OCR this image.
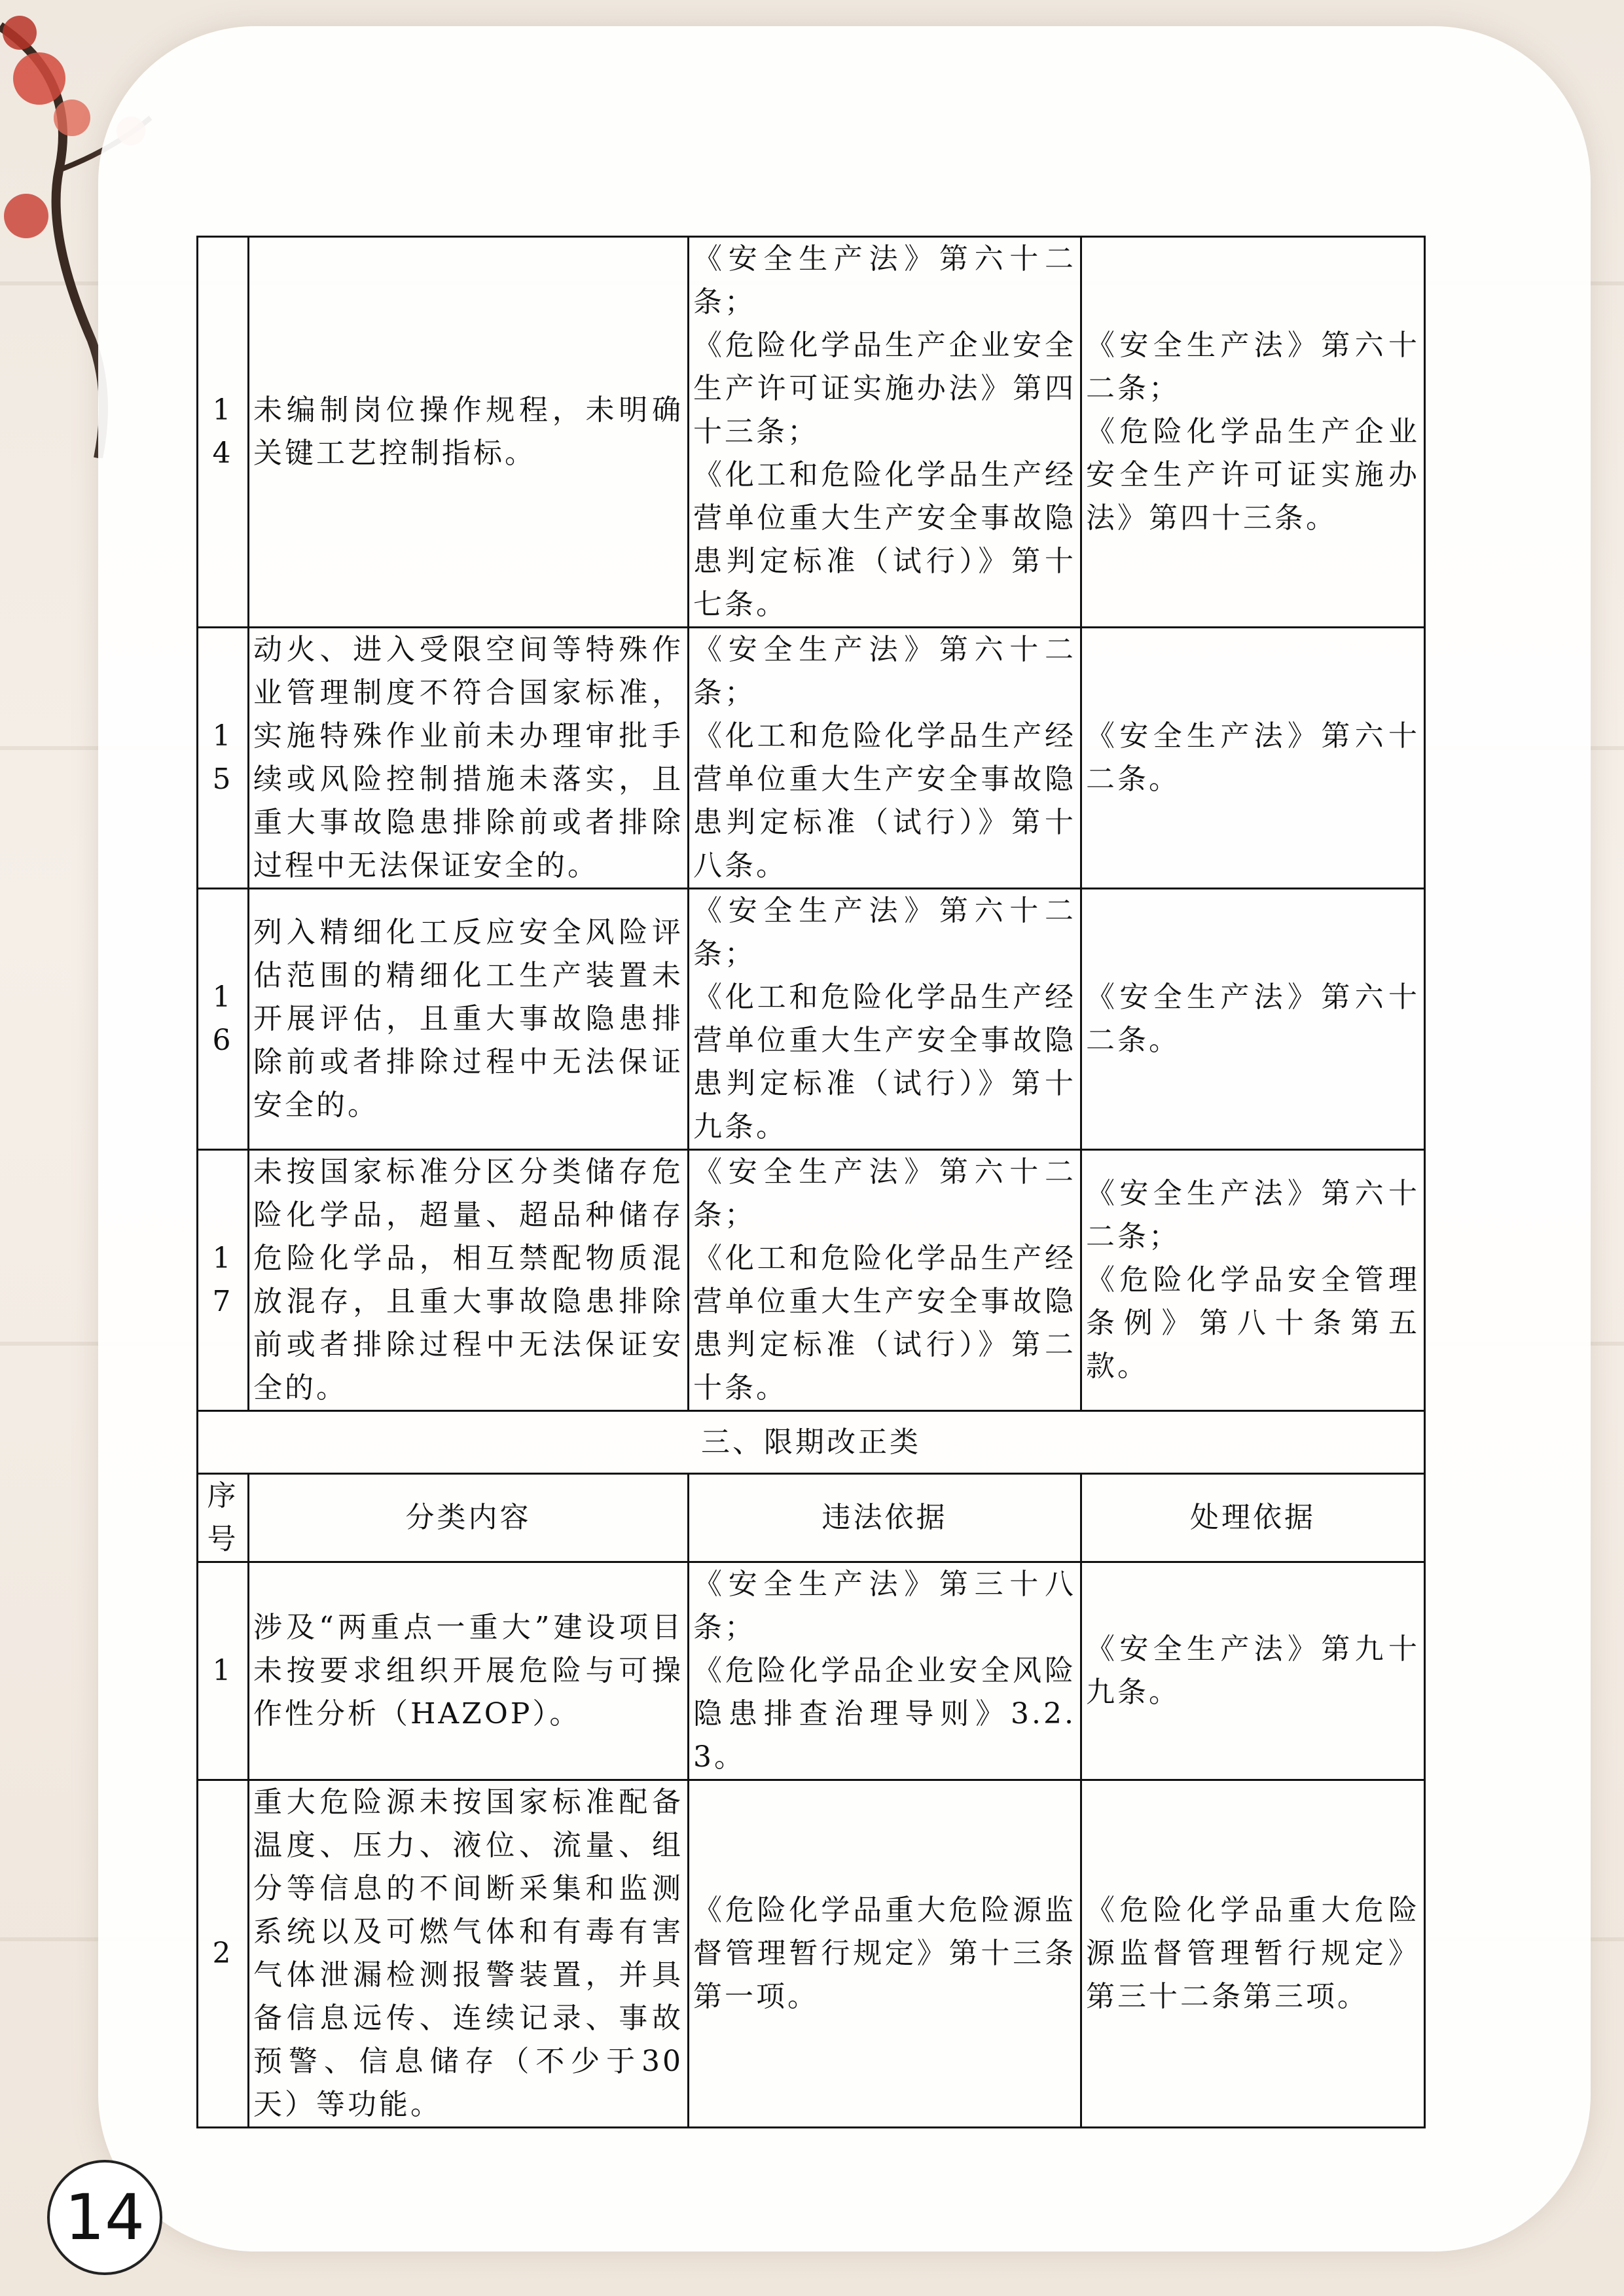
14	未编制岗位操作规程，未明确关键工艺控制指标。	《安全生产法》第六十二条；
《危险化学品生产企业安全生产许可证实施办法》第四十三条；
《化工和危险化学品生产经营单位重大生产安全事故隐患判定标准（试行）》第十七条。	《安全生产法》第六十二条；
《危险化学品生产企业安全生产许可证实施办法》第四十三条。

15	动火、进入受限空间等特殊作业管理制度不符合国家标准，实施特殊作业前未办理审批手续或风险控制措施未落实，且重大事故隐患排除前或者排除过程中无法保证安全的。	《安全生产法》第六十二条；
《化工和危险化学品生产经营单位重大生产安全事故隐患判定标准（试行）》第十八条。	《安全生产法》第六十二条。

16	列入精细化工反应安全风险评估范围的精细化工生产装置未开展评估，且重大事故隐患排除前或者排除过程中无法保证安全的。	《安全生产法》第六十二条；
《化工和危险化学品生产经营单位重大生产安全事故隐患判定标准（试行）》第十九条。	《安全生产法》第六十二条。

17	未按国家标准分区分类储存危险化学品，超量、超品种储存危险化学品，相互禁配物质混放混存，且重大事故隐患排除前或者排除过程中无法保证安全的。	《安全生产法》第六十二条；
《化工和危险化学品生产经营单位重大生产安全事故隐患判定标准（试行）》第二十条。	《安全生产法》第六十二条；
《危险化学品安全管理条例》第八十条第五款。

三、限期改正类			
序号	分类内容	违法依据	处理依据
1	涉及“两重点一重大”建设项目未按要求组织开展危险与可操作性分析（HAZOP）。	《安全生产法》第三十八条；
《危险化学品企业安全风险隐患排查治理导则》3.2.3。	《安全生产法》第九十九条。

2	重大危险源未按国家标准配备温度、压力、液位、流量、组分等信息的不间断采集和监测系统以及可燃气体和有毒有害气体泄漏检测报警装置，并具备信息远传、连续记录、事故预警、信息储存（不少于30天）等功能。	《危险化学品重大危险源监督管理暂行规定》第十三条第一项。	《危险化学品重大危险源监督管理暂行规定》第三十二条第三项。
14
